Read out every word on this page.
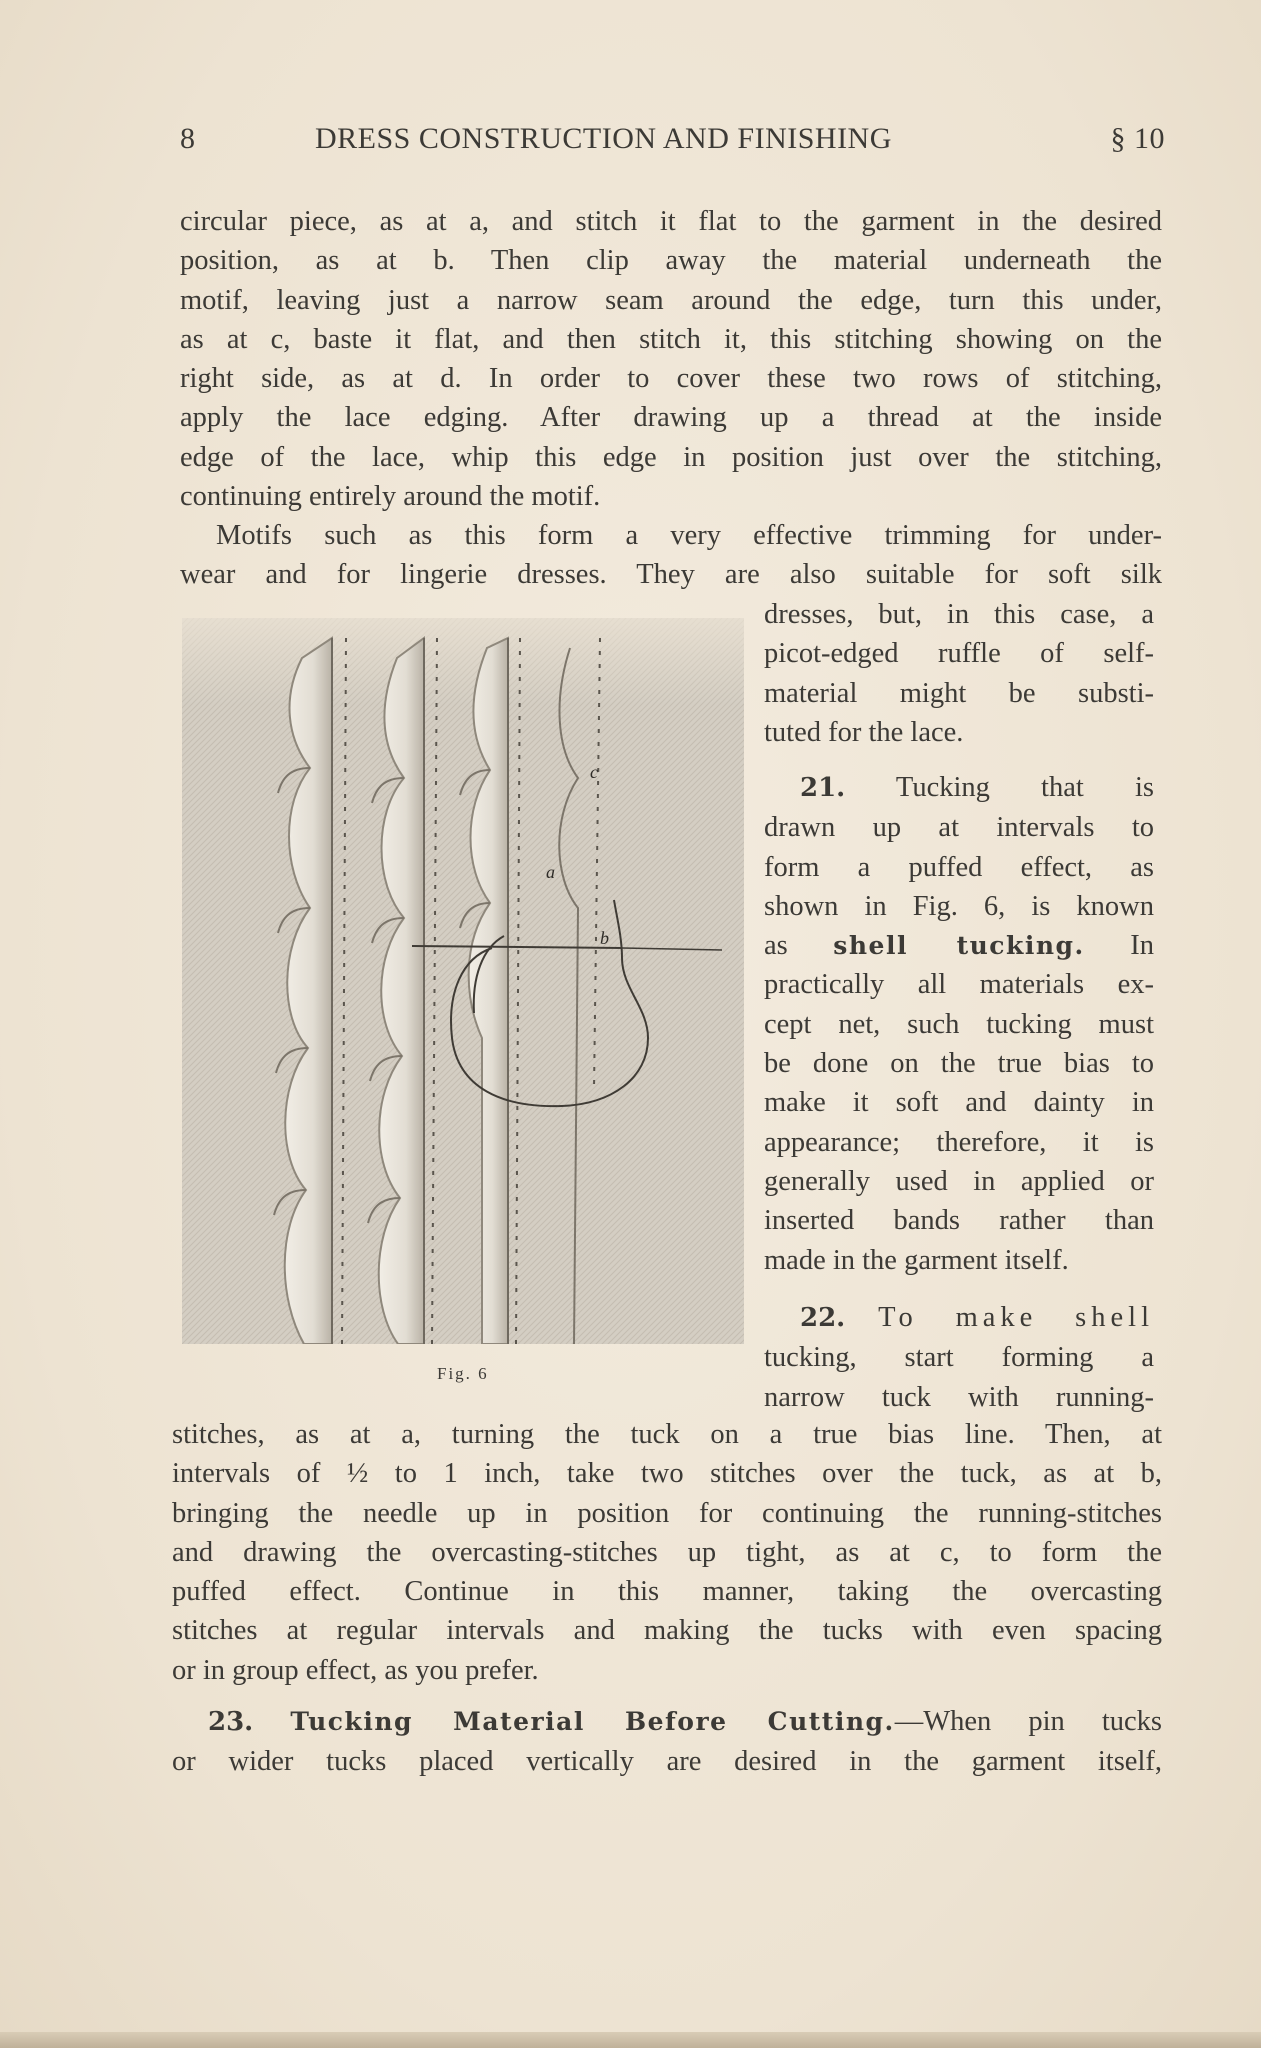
8	DRESS CONSTRUCTION AND FINISHING	§ 10
circular piece, as at a, and stitch it flat to the garment in the desired
position, as at b. Then clip away the material underneath the
motif, leaving just a narrow seam around the edge, turn this under,
as at c, baste it flat, and then stitch it, this stitching showing on the
right side, as at d. In order to cover these two rows of stitching,
apply the lace edging. After drawing up a thread at the inside
edge of the lace, whip this edge in position just over the stitching,
continuing entirely around the motif.
Motifs such as this form a very effective trimming for under-
wear and for lingerie dresses. They are also suitable for soft silk
dresses, but, in this case, a
picot-edged ruffle of self-
material might be substi-
tuted for the lace.
21. Tucking that is
drawn up at intervals to
form a puffed effect, as
shown in Fig. 6, is known
as shell tucking. In
practically all materials ex-
cept net, such tucking must
be done on the true bias to
make it soft and dainty in
appearance; therefore, it is
generally used in applied or
inserted bands rather than
made in the garment itself.
22. To make shell
tucking, start forming a
narrow tuck with running-
stitches, as at a, turning the tuck on a true bias line. Then, at
intervals of ½ to 1 inch, take two stitches over the tuck, as at b,
bringing the needle up in position for continuing the running-stitches
and drawing the overcasting-stitches up tight, as at c, to form the
puffed effect. Continue in this manner, taking the overcasting
stitches at regular intervals and making the tucks with even spacing
or in group effect, as you prefer.
23. Tucking Material Before Cutting.—When pin tucks
or wider tucks placed vertically are desired in the garment itself,
c
a
b
Fig. 6
